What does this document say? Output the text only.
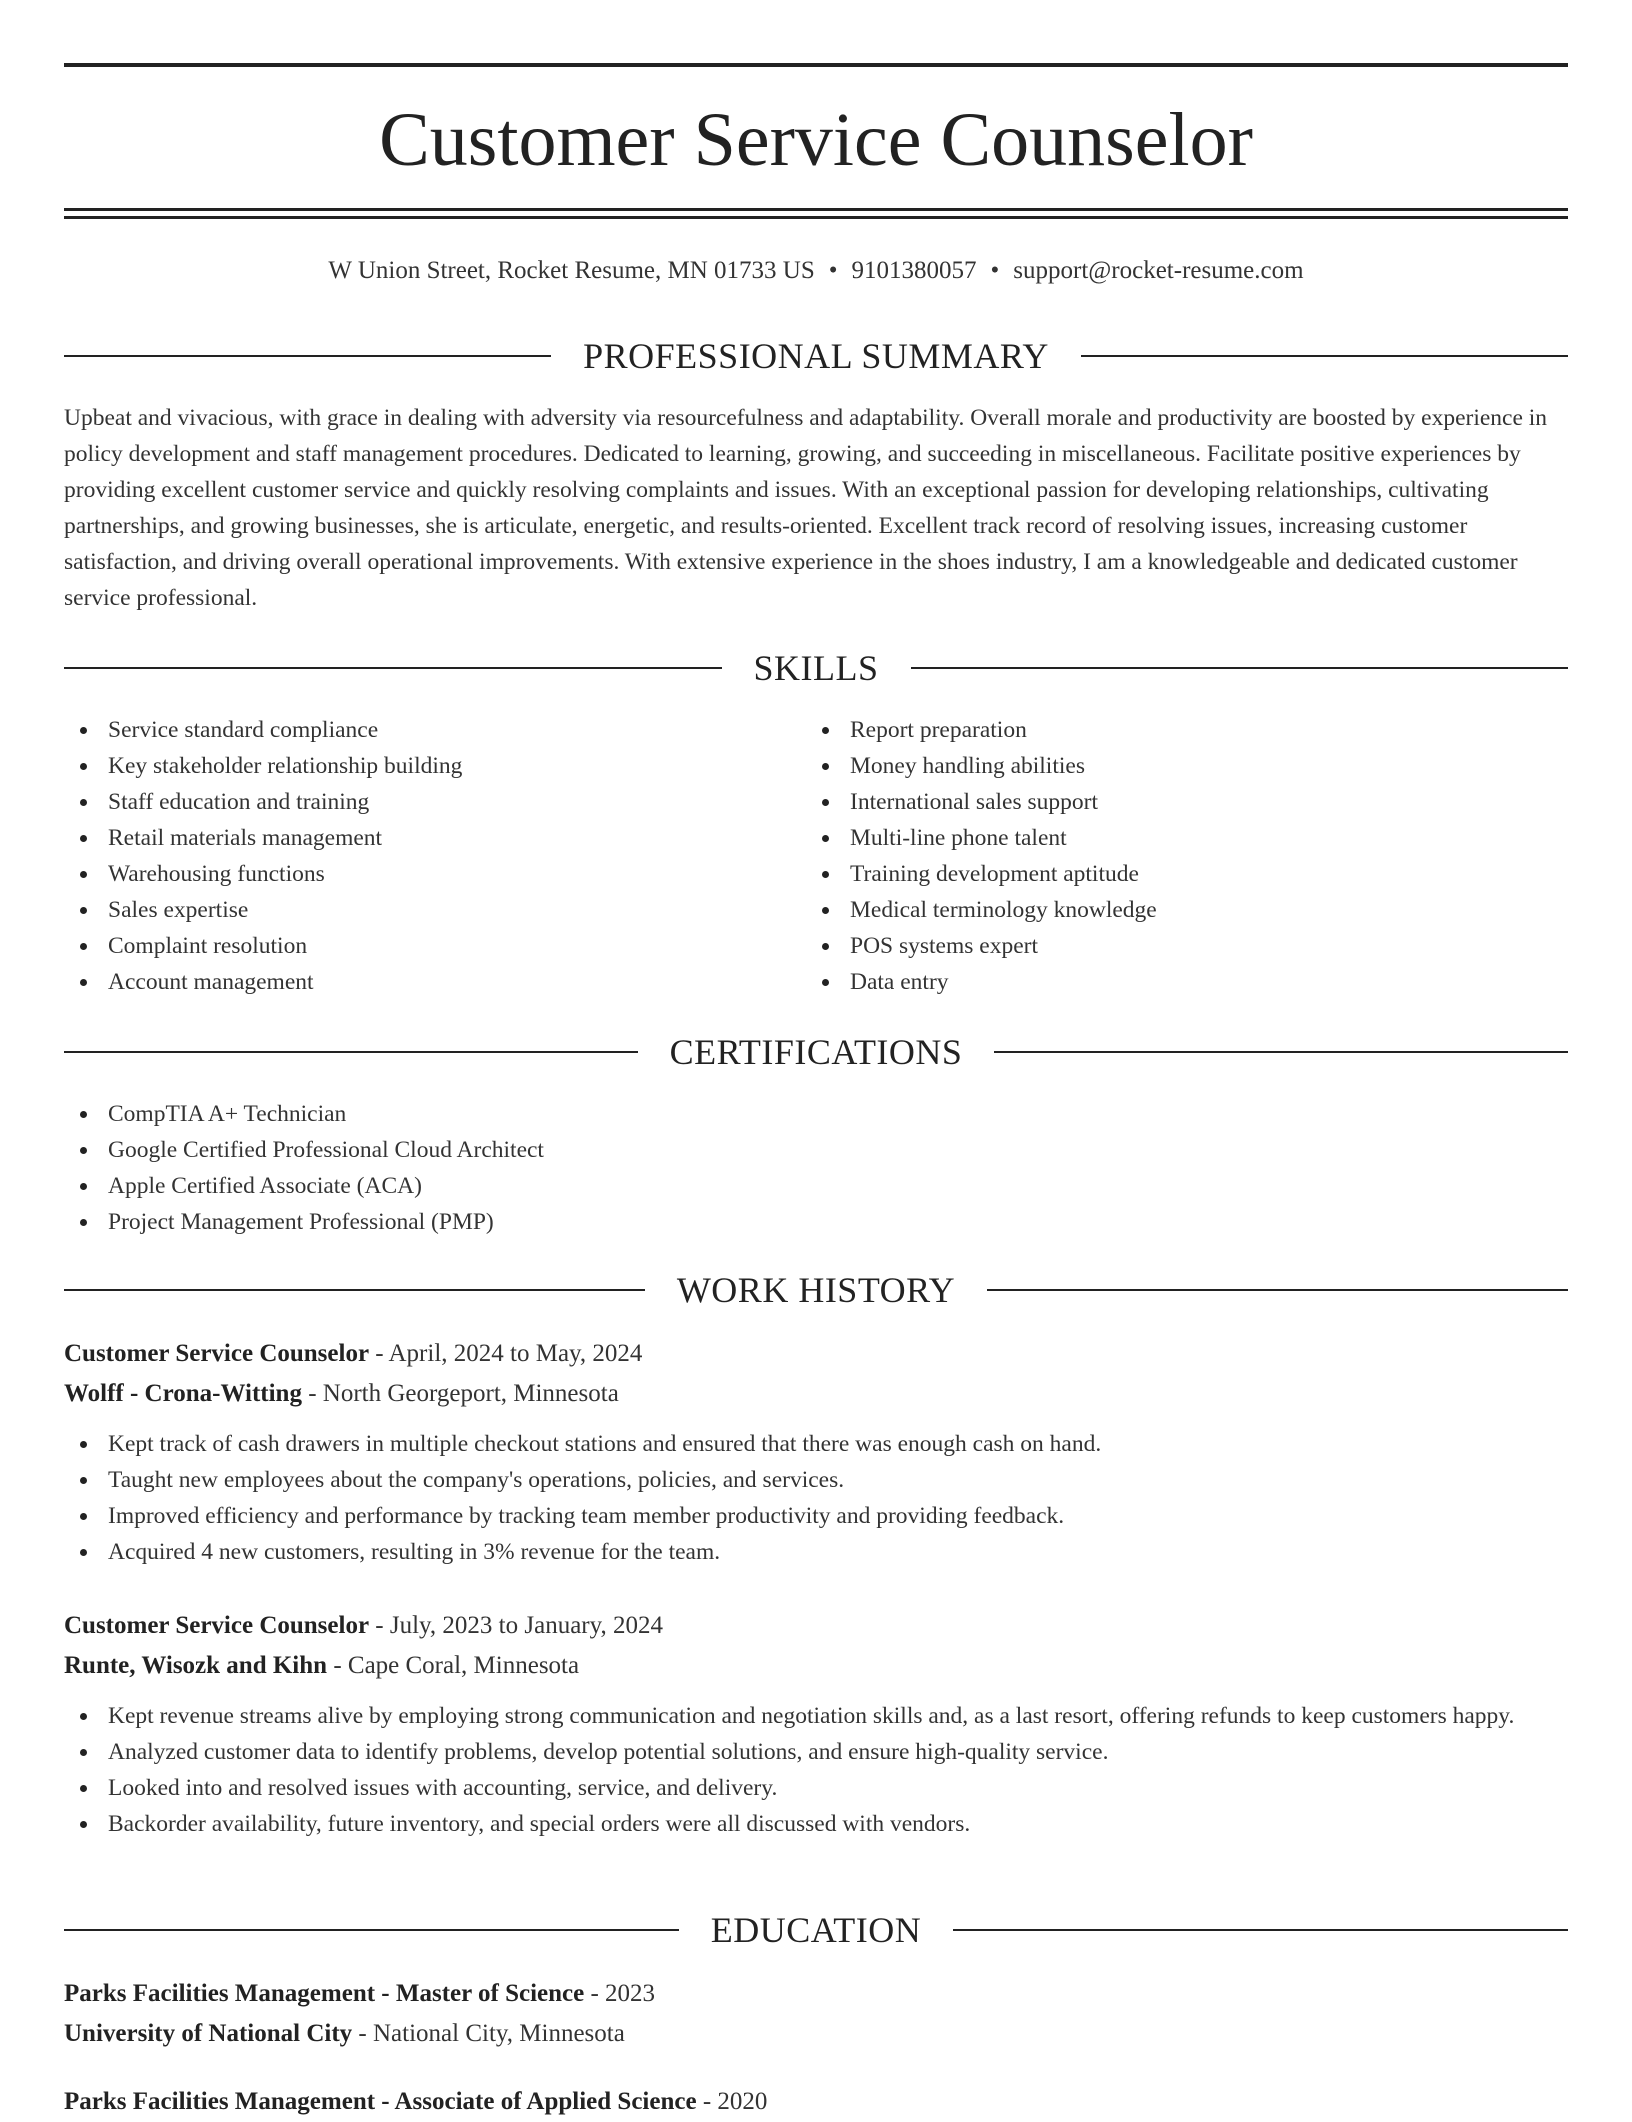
Customer Service Counselor
W Union Street, Rocket Resume, MN 01733 US • 9101380057 • support@rocket-resume.com
PROFESSIONAL SUMMARY

Upbeat and vivacious, with grace in dealing with adversity via resourcefulness and adaptability. Overall morale and productivity are boosted by experience in policy development and staff management procedures. Dedicated to learning, growing, and succeeding in miscellaneous. Facilitate positive experiences by providing excellent customer service and quickly resolving complaints and issues. With an exceptional passion for developing relationships, cultivating partnerships, and growing businesses, she is articulate, energetic, and results-oriented. Excellent track record of resolving issues, increasing customer satisfaction, and driving overall operational improvements. With extensive experience in the shoes industry, I am a knowledgeable and dedicated customer service professional.

SKILLS
Service standard compliance
Key stakeholder relationship building
Staff education and training
Retail materials management
Warehousing functions
Sales expertise
Complaint resolution
Account management
Report preparation
Money handling abilities
International sales support
Multi-line phone talent
Training development aptitude
Medical terminology knowledge
POS systems expert
Data entry
CERTIFICATIONS
CompTIA A+ Technician
Google Certified Professional Cloud Architect
Apple Certified Associate (ACA)
Project Management Professional (PMP)
WORK HISTORY
Customer Service Counselor - April, 2024 to May, 2024
Wolff - Crona-Witting - North Georgeport, Minnesota
Kept track of cash drawers in multiple checkout stations and ensured that there was enough cash on hand.
Taught new employees about the company's operations, policies, and services.
Improved efficiency and performance by tracking team member productivity and providing feedback.
Acquired 4 new customers, resulting in 3% revenue for the team.
Customer Service Counselor - July, 2023 to January, 2024
Runte, Wisozk and Kihn - Cape Coral, Minnesota
Kept revenue streams alive by employing strong communication and negotiation skills and, as a last resort, offering refunds to keep customers happy.
Analyzed customer data to identify problems, develop potential solutions, and ensure high-quality service.
Looked into and resolved issues with accounting, service, and delivery.
Backorder availability, future inventory, and special orders were all discussed with vendors.
EDUCATION
Parks Facilities Management - Master of Science - 2023
University of National City - National City, Minnesota
Parks Facilities Management - Associate of Applied Science - 2020
